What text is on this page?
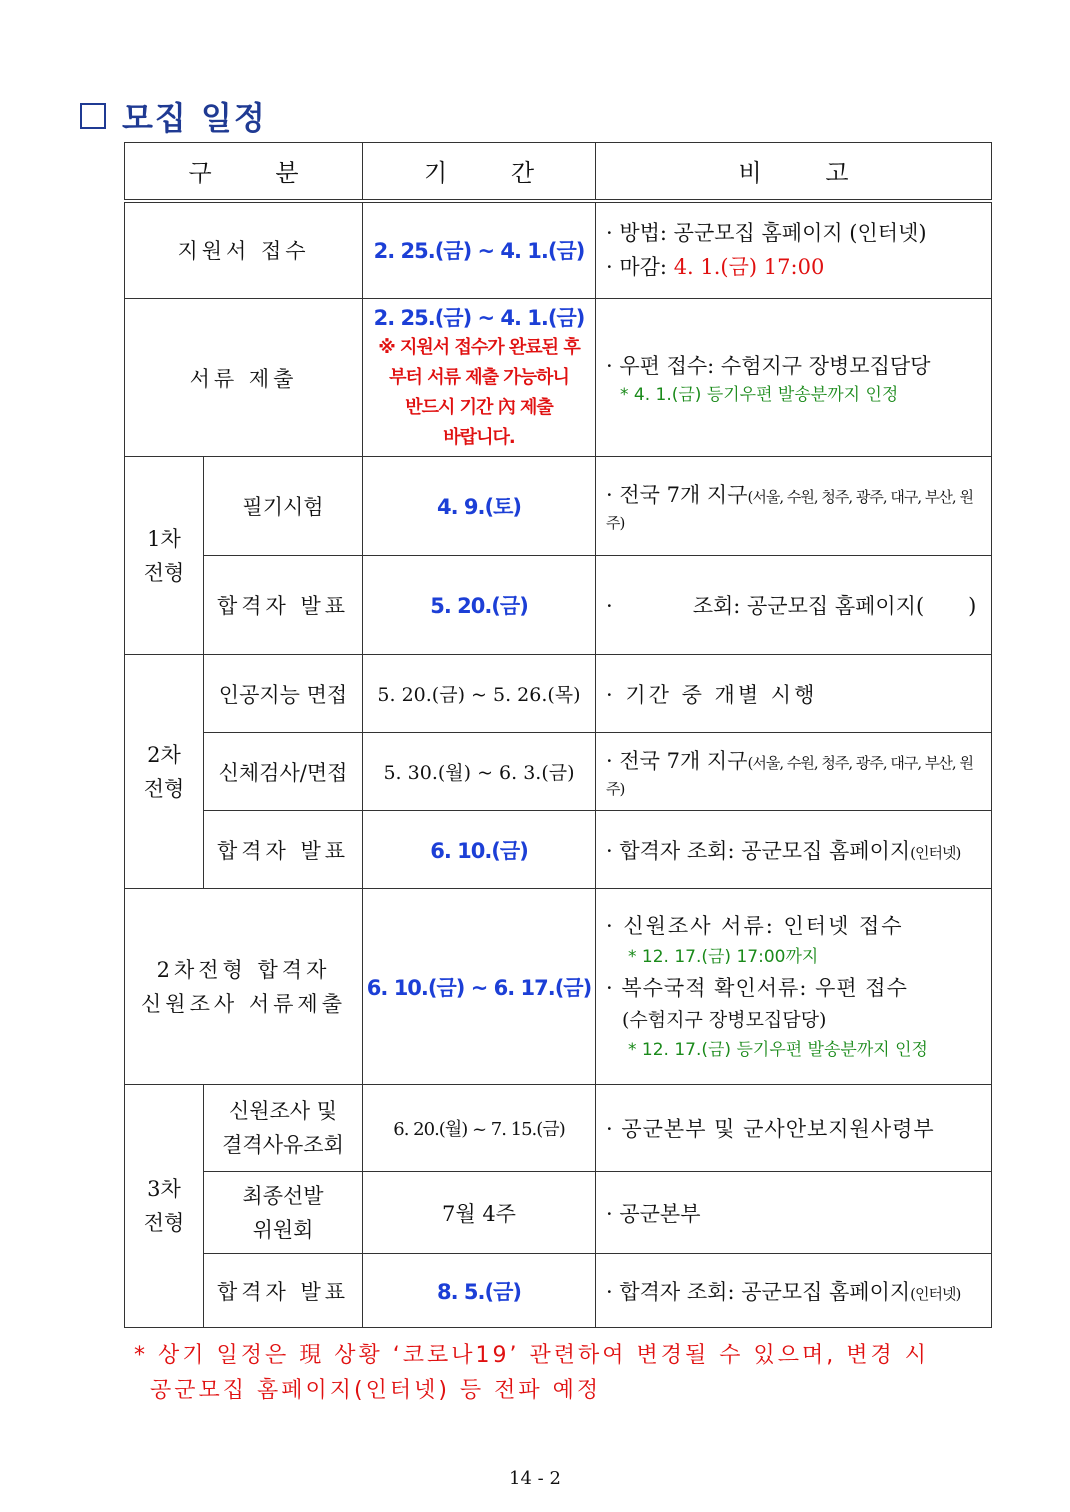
모집 일정
구 분		기 간	비 고
지원서 접수		2. 25.(금) ~ 4. 1.(금)	· 방법: 공군모집 홈페이지 (인터넷)
· 마감: 4. 1.(금) 17:00

서류 제출		2. 25.(금) ~ 4. 1.(금)
※ 지원서 접수가 완료된 후
부터 서류 제출 가능하니
반드시 기간 內 제출
바랍니다.	· 우편 접수: 수험지구 장병모집담당
* 4. 1.(금) 등기우편 발송분까지 인정

1차
전형	필기시험	4. 9.(토)	· 전국 7개 지구(서울, 수원, 청주, 광주, 대구, 부산, 원주)
	합격자 발표	5. 20.(금)	· 조회: 공군모집 홈페이지( )

2차
전형	인공지능 면접	5. 20.(금) ~ 5. 26.(목)	· 기간 중 개별 시행
	신체검사/면접	5. 30.(월) ~ 6. 3.(금)	· 전국 7개 지구(서울, 수원, 청주, 광주, 대구, 부산, 원주)
	합격자 발표	6. 10.(금)	· 합격자 조회: 공군모집 홈페이지(인터넷)

2차전형 합격자
신원조사 서류제출		6. 10.(금) ~ 6. 17.(금)	· 신원조사 서류: 인터넷 접수
* 12. 17.(금) 17:00까지
· 복수국적 확인서류: 우편 접수
(수험지구 장병모집담당)
* 12. 17.(금) 등기우편 발송분까지 인정

3차
전형	신원조사 및
결격사유조회	6. 20.(월) ~ 7. 15.(금)	· 공군본부 및 군사안보지원사령부

	최종선발
위원회	7월 4주	· 공군본부
	합격자 발표	8. 5.(금)	· 합격자 조회: 공군모집 홈페이지(인터넷)
* 상기 일정은 現 상황 ‘코로나19’ 관련하여 변경될 수 있으며, 변경 시
공군모집 홈페이지(인터넷) 등 전파 예정
14 - 2
